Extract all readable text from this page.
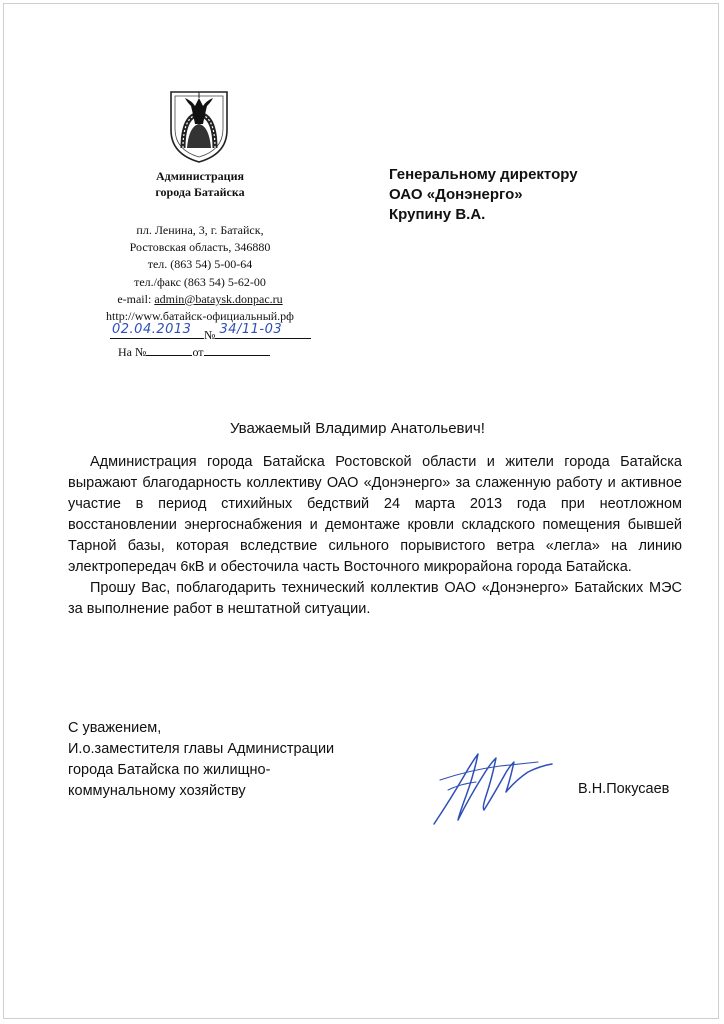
Администрация
города Батайска
пл. Ленина, 3, г. Батайск,
Ростовская область, 346880
тел. (863 54) 5-00-64
тел./факс (863 54) 5-62-00
e-mail: admin@bataysk.donpac.ru
http://www.батайск-официальный.рф
02.04.2013 № 34/11-03
На №	от
Генеральному директору
ОАО «Донэнерго»
Крупину В.А.
Уважаемый Владимир Анатольевич!

Администрация города Батайска Ростовской области и жители города Батайска выражают благодарность коллективу ОАО «Донэнерго» за слаженную работу и активное участие в период стихийных бедствий 24 марта 2013 года при неотложном восстановлении энергоснабжения и демонтаже кровли складского помещения бывшей Тарной базы, которая вследствие сильного порывистого ветра «легла» на линию электропередач 6кВ и обесточила часть Восточного микрорайона города Батайска.

Прошу Вас, поблагодарить технический коллектив ОАО «Донэнерго» Батайских МЭС за выполнение работ в нештатной ситуации.

С уважением,
И.о.заместителя главы Администрации
города Батайска по жилищно-
коммунальному хозяйству	В.Н.Покусаев
